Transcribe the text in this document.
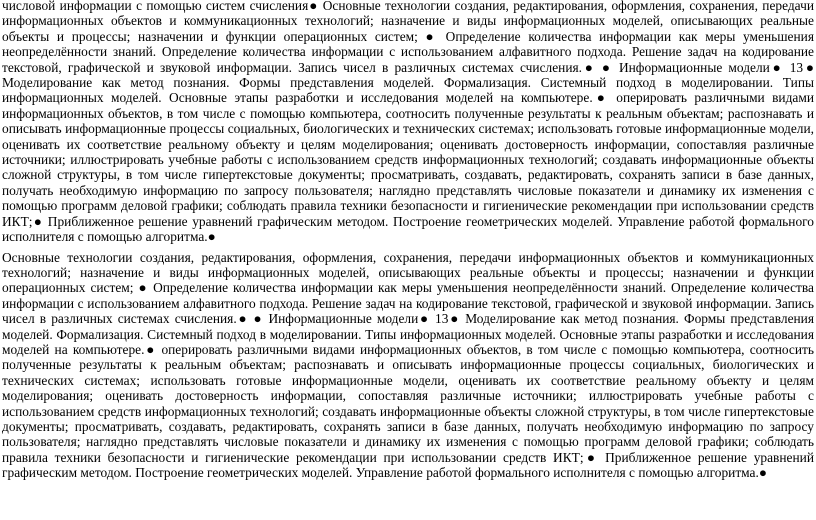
числовой информации с помощью систем счисления● Основные технологии создания, редактирования, оформления, сохранения, передачи информационных объектов и коммуникационных технологий; назначение и виды информационных моделей, описывающих реальные объекты и процессы; назначении и функции операционных систем; ● Определение количества информации как меры уменьшения неопределённости знаний. Определение количества информации с использованием алфавитного подхода. Решение задач на кодирование текстовой, графической и звуковой информации. Запись чисел в различных системах счисления.● ● Информационные модели● 13● Моделирование как метод познания. Формы представления моделей. Формализация. Системный подход в моделировании. Типы информационных моделей. Основные этапы разработки и исследования моделей на компьютере.● оперировать различными видами информационных объектов, в том числе с помощью компьютера, соотносить полученные результаты к реальным объектам; распознавать и описывать информационные процессы социальных, биологических и технических системах; использовать готовые информационные модели, оценивать их соответствие реальному объекту и целям моделирования; оценивать достоверность информации, сопоставляя различные источники; иллюстрировать учебные работы с использованием средств информационных технологий; создавать информационные объекты сложной структуры, в том числе гипертекстовые документы; просматривать, создавать, редактировать, сохранять записи в базе данных, получать необходимую информацию по запросу пользователя; наглядно представлять числовые показатели и динамику их изменения с помощью программ деловой графики; соблюдать правила техники безопасности и гигиенические рекомендации при использовании средств ИКТ;● Приближенное решение уравнений графическим методом. Построение геометрических моделей. Управление работой формального исполнителя с помощью алгоритма.●

Основные технологии создания, редактирования, оформления, сохранения, передачи информационных объектов и коммуникационных технологий; назначение и виды информационных моделей, описывающих реальные объекты и процессы; назначении и функции операционных систем; ● Определение количества информации как меры уменьшения неопределённости знаний. Определение количества информации с использованием алфавитного подхода. Решение задач на кодирование текстовой, графической и звуковой информации. Запись чисел в различных системах счисления.● ● Информационные модели● 13● Моделирование как метод познания. Формы представления моделей. Формализация. Системный подход в моделировании. Типы информационных моделей. Основные этапы разработки и исследования моделей на компьютере.● оперировать различными видами информационных объектов, в том числе с помощью компьютера, соотносить полученные результаты к реальным объектам; распознавать и описывать информационные процессы социальных, биологических и технических системах; использовать готовые информационные модели, оценивать их соответствие реальному объекту и целям моделирования; оценивать достоверность информации, сопоставляя различные источники; иллюстрировать учебные работы с использованием средств информационных технологий; создавать информационные объекты сложной структуры, в том числе гипертекстовые документы; просматривать, создавать, редактировать, сохранять записи в базе данных, получать необходимую информацию по запросу пользователя; наглядно представлять числовые показатели и динамику их изменения с помощью программ деловой графики; соблюдать правила техники безопасности и гигиенические рекомендации при использовании средств ИКТ;● Приближенное решение уравнений графическим методом. Построение геометрических моделей. Управление работой формального исполнителя с помощью алгоритма.●
